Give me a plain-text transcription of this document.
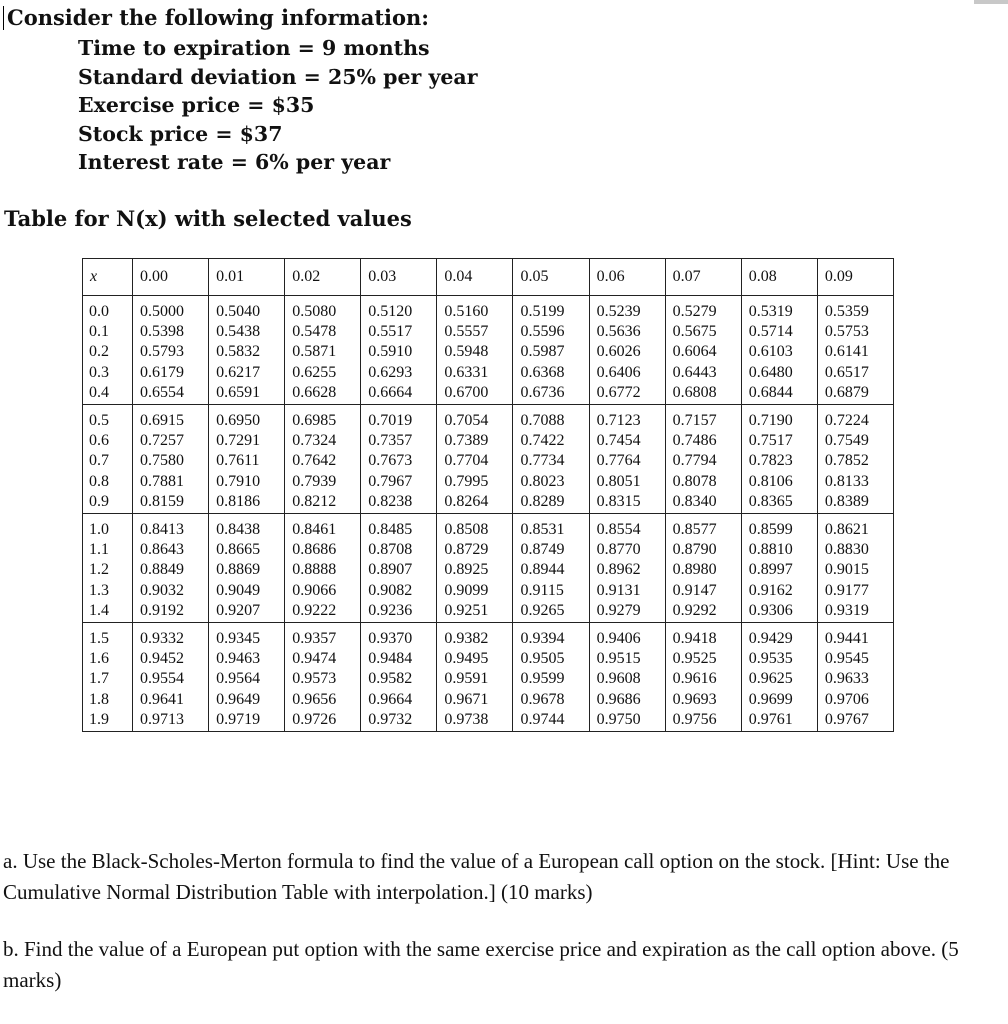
Consider the following information:
Time to expiration = 9 months
Standard deviation = 25% per year
Exercise price = $35
Stock price = $37
Interest rate = 6% per year
Table for N(x) with selected values
x	0.00	0.01	0.02	0.03	0.04	0.05	0.06	0.07	0.08	0.09
0.0	0.5000	0.5040	0.5080	0.5120	0.5160	0.5199	0.5239	0.5279	0.5319	0.5359
0.1	0.5398	0.5438	0.5478	0.5517	0.5557	0.5596	0.5636	0.5675	0.5714	0.5753
0.2	0.5793	0.5832	0.5871	0.5910	0.5948	0.5987	0.6026	0.6064	0.6103	0.6141
0.3	0.6179	0.6217	0.6255	0.6293	0.6331	0.6368	0.6406	0.6443	0.6480	0.6517
0.4	0.6554	0.6591	0.6628	0.6664	0.6700	0.6736	0.6772	0.6808	0.6844	0.6879
0.5	0.6915	0.6950	0.6985	0.7019	0.7054	0.7088	0.7123	0.7157	0.7190	0.7224
0.6	0.7257	0.7291	0.7324	0.7357	0.7389	0.7422	0.7454	0.7486	0.7517	0.7549
0.7	0.7580	0.7611	0.7642	0.7673	0.7704	0.7734	0.7764	0.7794	0.7823	0.7852
0.8	0.7881	0.7910	0.7939	0.7967	0.7995	0.8023	0.8051	0.8078	0.8106	0.8133
0.9	0.8159	0.8186	0.8212	0.8238	0.8264	0.8289	0.8315	0.8340	0.8365	0.8389
1.0	0.8413	0.8438	0.8461	0.8485	0.8508	0.8531	0.8554	0.8577	0.8599	0.8621
1.1	0.8643	0.8665	0.8686	0.8708	0.8729	0.8749	0.8770	0.8790	0.8810	0.8830
1.2	0.8849	0.8869	0.8888	0.8907	0.8925	0.8944	0.8962	0.8980	0.8997	0.9015
1.3	0.9032	0.9049	0.9066	0.9082	0.9099	0.9115	0.9131	0.9147	0.9162	0.9177
1.4	0.9192	0.9207	0.9222	0.9236	0.9251	0.9265	0.9279	0.9292	0.9306	0.9319
1.5	0.9332	0.9345	0.9357	0.9370	0.9382	0.9394	0.9406	0.9418	0.9429	0.9441
1.6	0.9452	0.9463	0.9474	0.9484	0.9495	0.9505	0.9515	0.9525	0.9535	0.9545
1.7	0.9554	0.9564	0.9573	0.9582	0.9591	0.9599	0.9608	0.9616	0.9625	0.9633
1.8	0.9641	0.9649	0.9656	0.9664	0.9671	0.9678	0.9686	0.9693	0.9699	0.9706
1.9	0.9713	0.9719	0.9726	0.9732	0.9738	0.9744	0.9750	0.9756	0.9761	0.9767
a. Use the Black-Scholes-Merton formula to find the value of a European call option on the stock. [Hint: Use the Cumulative Normal Distribution Table with interpolation.] (10 marks)
b. Find the value of a European put option with the same exercise price and expiration as the call option above. (5 marks)
